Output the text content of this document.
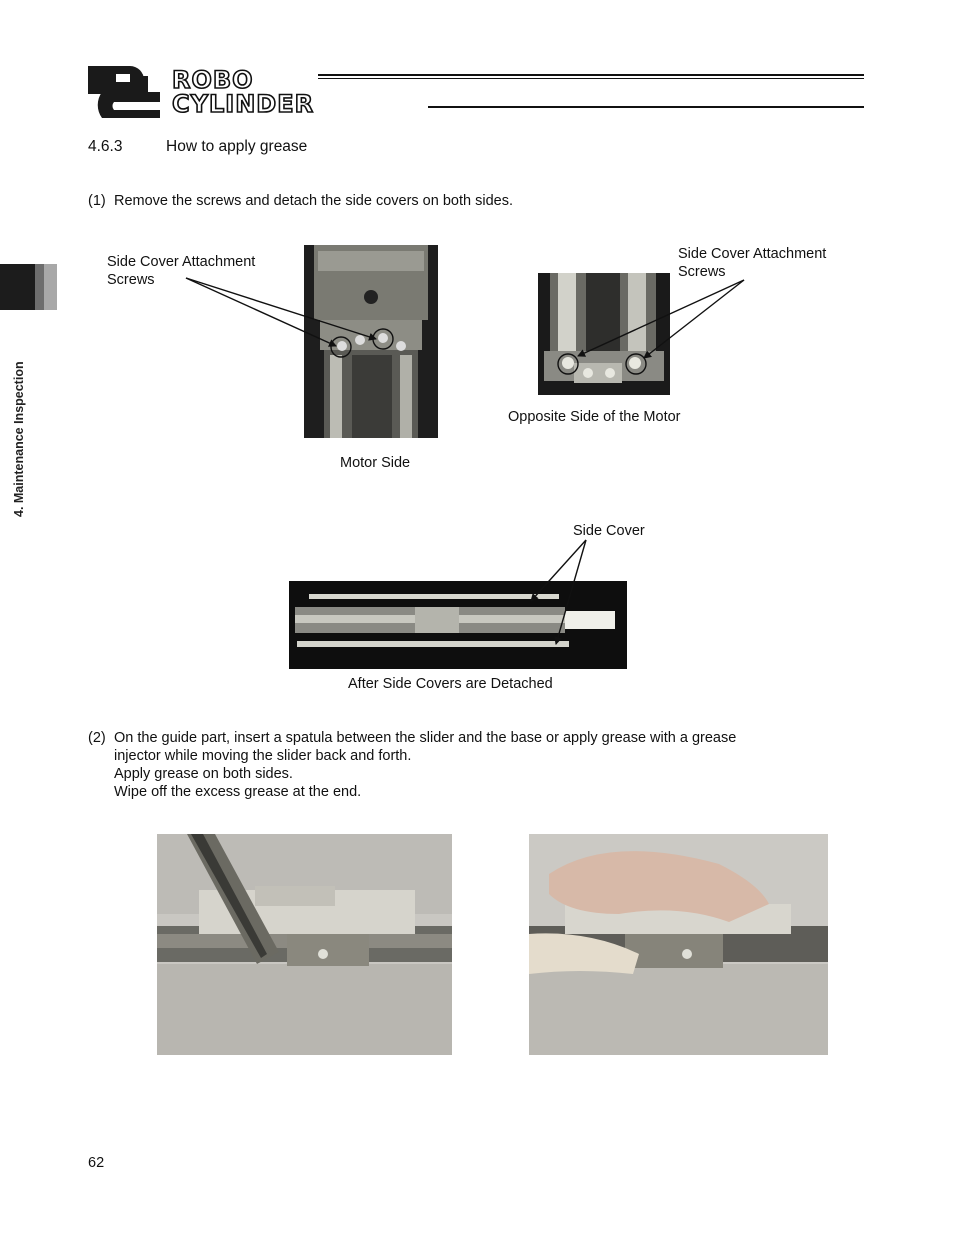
ROBO
CYLINDER
4. Maintenance Inspection
4.6.3	How to apply grease
(1) Remove the screws and detach the side covers on both sides.
Side Cover Attachment
Screws
Side Cover Attachment
Screws
Motor Side
Opposite Side of the Motor
Side Cover
After Side Covers are Detached
(2) On the guide part, insert a spatula between the slider and the base or apply grease with a grease
injector while moving the slider back and forth.
Apply grease on both sides.
Wipe off the excess grease at the end.
62
